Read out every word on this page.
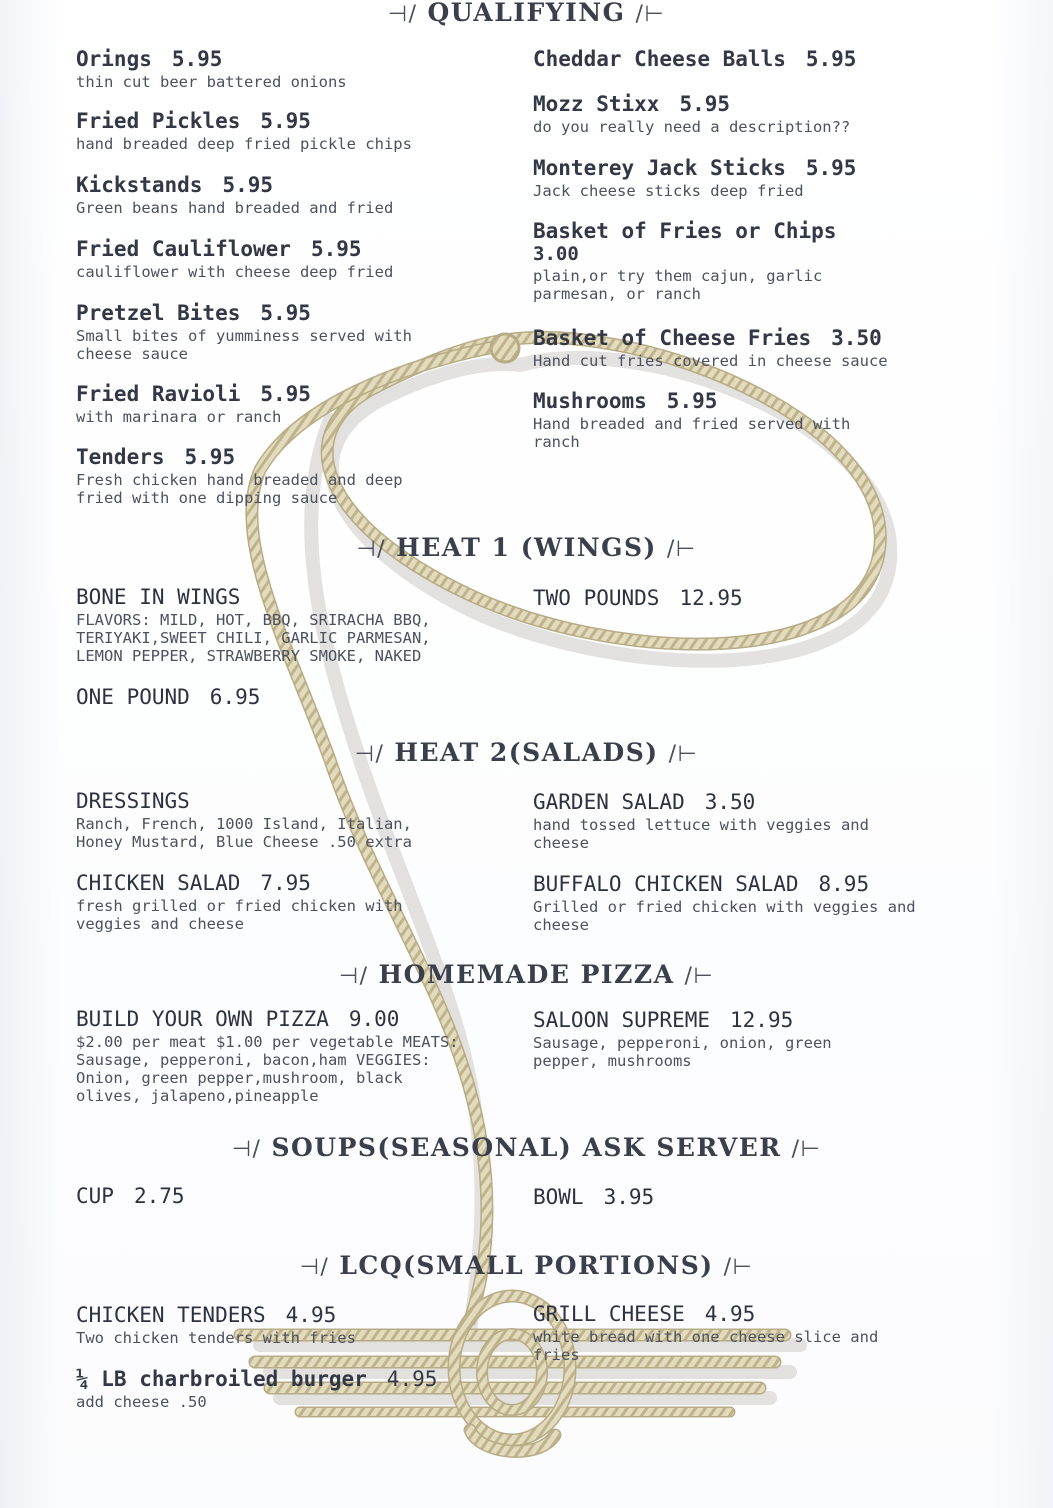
⊣/ QUALIFYING /⊢
⊣/ HEAT 1 (WINGS) /⊢
⊣/ HEAT 2(SALADS) /⊢
⊣/ HOMEMADE PIZZA /⊢
⊣/ SOUPS(SEASONAL) ASK SERVER /⊢
⊣/ LCQ(SMALL PORTIONS) /⊢
Orings 5.95
thin cut beer battered onions
Fried Pickles 5.95
hand breaded deep fried pickle chips
Kickstands 5.95
Green beans hand breaded and fried
Fried Cauliflower 5.95
cauliflower with cheese deep fried
Pretzel Bites 5.95
Small bites of yumminess served with cheese sauce
Fried Ravioli 5.95
with marinara or ranch
Tenders 5.95
Fresh chicken hand breaded and deep fried with one dipping sauce
Cheddar Cheese Balls 5.95
Mozz Stixx 5.95
do you really need a description??
Monterey Jack Sticks 5.95
Jack cheese sticks deep fried
Basket of Fries or Chips
3.00
plain,or try them cajun, garlic parmesan, or ranch
Basket of Cheese Fries 3.50
Hand cut fries covered in cheese sauce
Mushrooms 5.95
Hand breaded and fried served with ranch
BONE IN WINGS
FLAVORS: MILD, HOT, BBQ, SRIRACHA BBQ, TERIYAKI,SWEET CHILI, GARLIC PARMESAN, LEMON PEPPER, STRAWBERRY SMOKE, NAKED
ONE POUND 6.95
TWO POUNDS 12.95
DRESSINGS
Ranch, French, 1000 Island, Italian, Honey Mustard, Blue Cheese .50 extra
GARDEN SALAD 3.50
hand tossed lettuce with veggies and cheese
CHICKEN SALAD 7.95
fresh grilled or fried chicken with veggies and cheese
BUFFALO CHICKEN SALAD 8.95
Grilled or fried chicken with veggies and cheese
BUILD YOUR OWN PIZZA 9.00
$2.00 per meat $1.00 per vegetable MEATS: Sausage, pepperoni, bacon,ham VEGGIES: Onion, green pepper,mushroom, black olives, jalapeno,pineapple
SALOON SUPREME 12.95
Sausage, pepperoni, onion, green pepper, mushrooms
CUP 2.75	BOWL 3.95
CHICKEN TENDERS 4.95
Two chicken tenders with fries
GRILL CHEESE 4.95
white bread with one cheese slice and fries
¼ LB charbroiled burger 4.95
add cheese .50
